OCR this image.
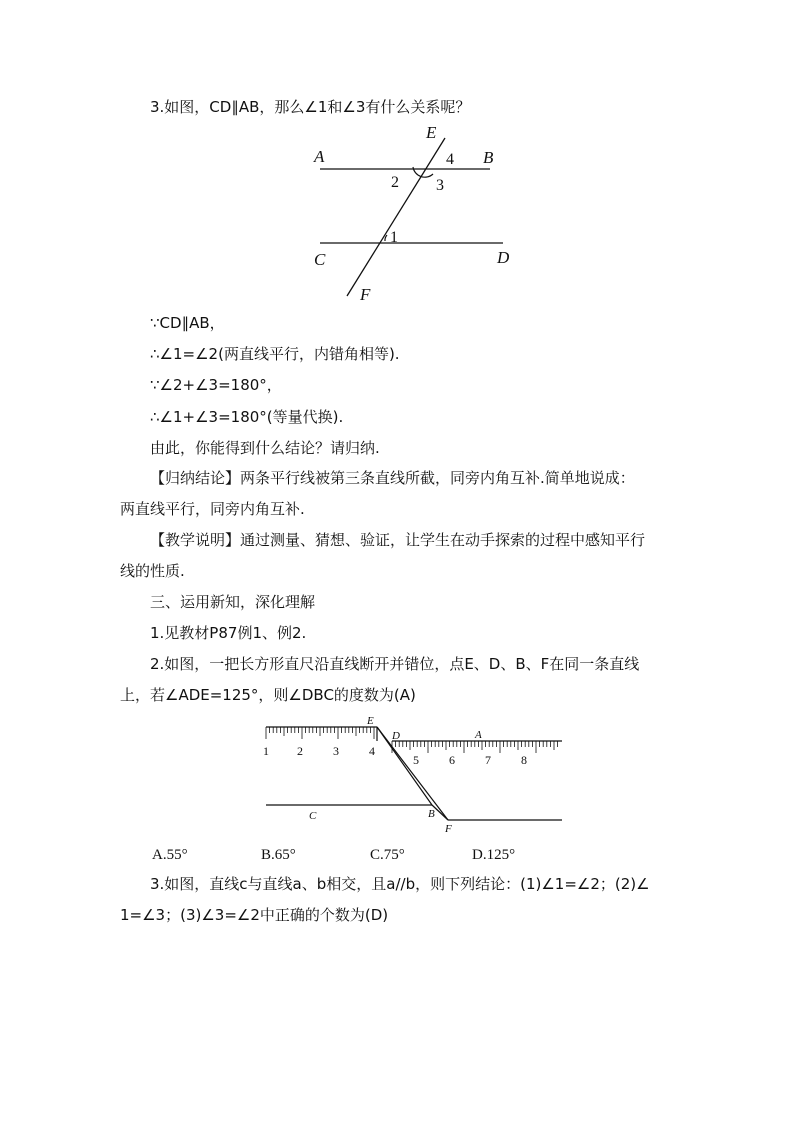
3.如图，CD∥AB，那么∠1和∠3有什么关系呢？
A	B
E
C	D
F
4
2 3
1
∵CD∥AB，
∴∠1=∠2(两直线平行，内错角相等).
∵∠2+∠3=180°，
∴∠1+∠3=180°(等量代换).
由此，你能得到什么结论？请归纳.
【归纳结论】两条平行线被第三条直线所截，同旁内角互补.简单地说成：
两直线平行，同旁内角互补.
【教学说明】通过测量、猜想、验证，让学生在动手探索的过程中感知平行
线的性质.
三、运用新知，深化理解
1.见教材P87例1、例2.
2.如图，一把长方形直尺沿直线断开并错位，点E、D、B、F在同一条直线
上，若∠ADE=125°，则∠DBC的度数为(A)
1 2	3	4
5	6	7	8
E
D	A
C	B
F
A.55°	B.65°	C.75°	D.125°
3.如图，直线c与直线a、b相交，且a//b，则下列结论：(1)∠1=∠2；(2)∠
1=∠3；(3)∠3=∠2中正确的个数为(D)
